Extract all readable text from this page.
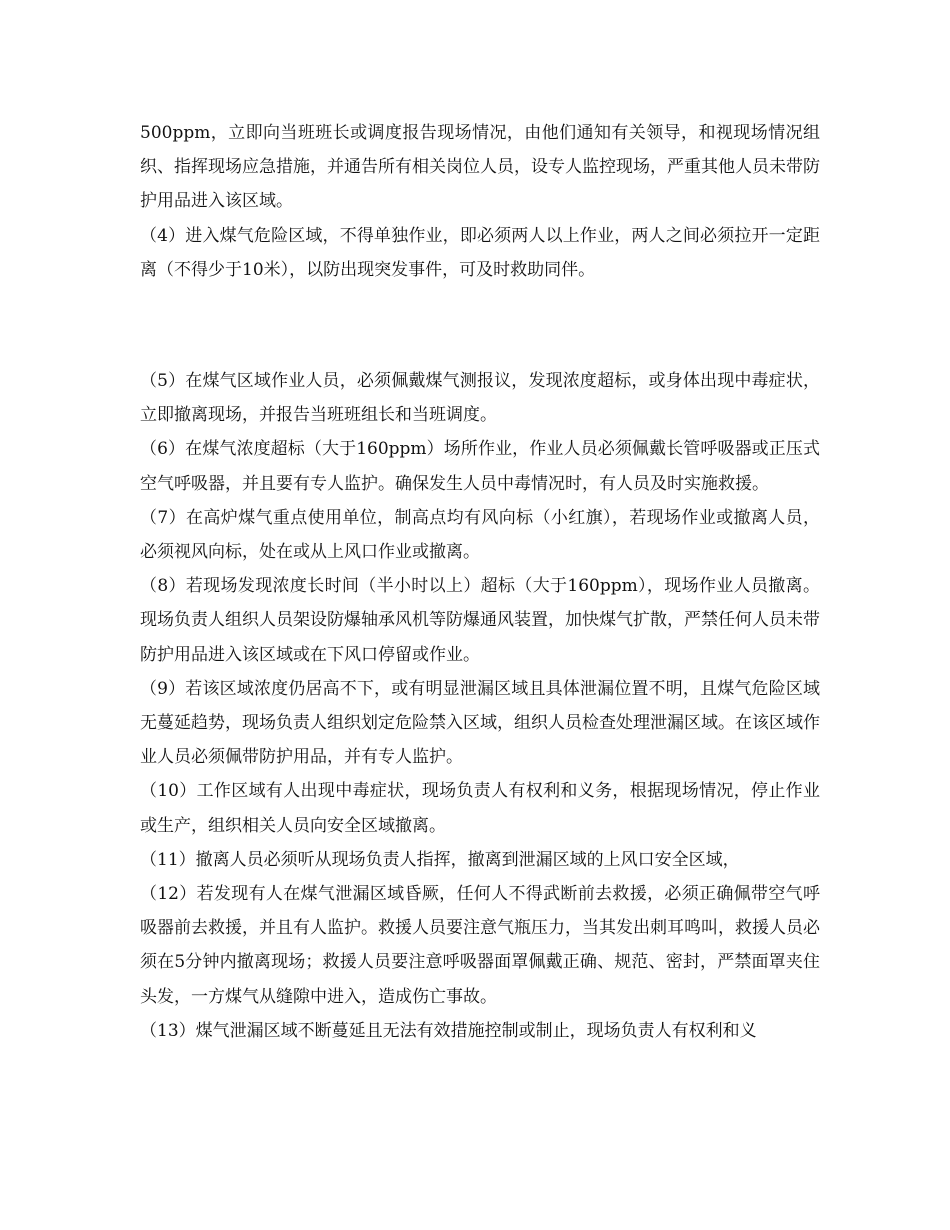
500ppm，立即向当班班长或调度报告现场情况，由他们通知有关领导，和视现场情况组织、指挥现场应急措施，并通告所有相关岗位人员，设专人监控现场，严重其他人员未带防护用品进入该区域。

（4）进入煤气危险区域，不得单独作业，即必须两人以上作业，两人之间必须拉开一定距离（不得少于10米），以防出现突发事件，可及时救助同伴。

（5）在煤气区域作业人员，必须佩戴煤气测报议，发现浓度超标，或身体出现中毒症状，立即撤离现场，并报告当班班组长和当班调度。

（6）在煤气浓度超标（大于160ppm）场所作业，作业人员必须佩戴长管呼吸器或正压式空气呼吸器，并且要有专人监护。确保发生人员中毒情况时，有人员及时实施救援。

（7）在高炉煤气重点使用单位，制高点均有风向标（小红旗），若现场作业或撤离人员，必须视风向标，处在或从上风口作业或撤离。

（8）若现场发现浓度长时间（半小时以上）超标（大于160ppm），现场作业人员撤离。现场负责人组织人员架设防爆轴承风机等防爆通风装置，加快煤气扩散，严禁任何人员未带防护用品进入该区域或在下风口停留或作业。

（9）若该区域浓度仍居高不下，或有明显泄漏区域且具体泄漏位置不明，且煤气危险区域无蔓延趋势，现场负责人组织划定危险禁入区域，组织人员检查处理泄漏区域。在该区域作业人员必须佩带防护用品，并有专人监护。

（10）工作区域有人出现中毒症状，现场负责人有权利和义务，根据现场情况，停止作业或生产，组织相关人员向安全区域撤离。

（11）撤离人员必须听从现场负责人指挥，撤离到泄漏区域的上风口安全区域，

（12）若发现有人在煤气泄漏区域昏厥，任何人不得武断前去救援，必须正确佩带空气呼吸器前去救援，并且有人监护。救援人员要注意气瓶压力，当其发出刺耳鸣叫，救援人员必须在5分钟内撤离现场；救援人员要注意呼吸器面罩佩戴正确、规范、密封，严禁面罩夹住头发，一方煤气从缝隙中进入，造成伤亡事故。

（13）煤气泄漏区域不断蔓延且无法有效措施控制或制止，现场负责人有权利和义
